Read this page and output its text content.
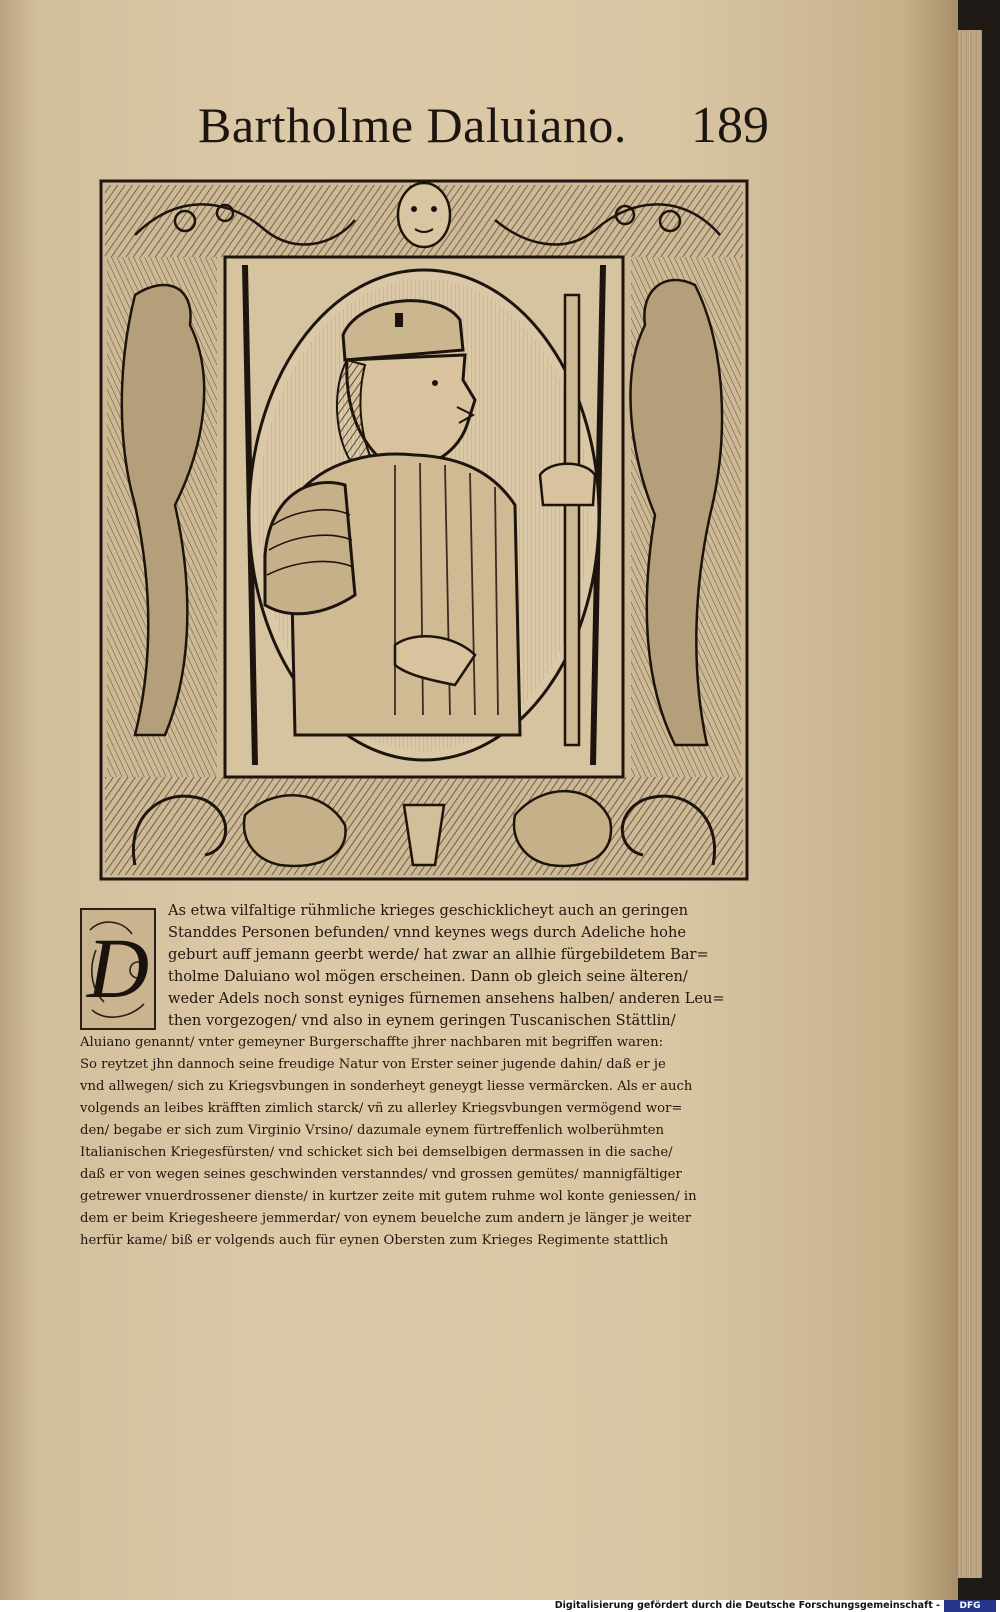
Bartholme Daluiano. 189
D
As etwa vilfaltige rühmliche krieges geschicklicheyt auch an geringen
Standdes Personen befunden/ vnnd keynes wegs durch Adeliche hohe
geburt auff jemann geerbt werde/ hat zwar an allhie fürgebildetem Bar=
tholme Daluiano wol mögen erscheinen. Dann ob gleich seine älteren/
weder Adels noch sonst eyniges fürnemen ansehens halben/ anderen Leu=
then vorgezogen/ vnd also in eynem geringen Tuscanischen Stättlin/
Aluiano genannt/ vnter gemeyner Burgerschaffte jhrer nachbaren mit begriffen waren:
So reytzet jhn dannoch seine freudige Natur von Erster seiner jugende dahin/ daß er je
vnd allwegen/ sich zu Kriegsvbungen in sonderheyt geneygt liesse vermärcken. Als er auch
volgends an leibes kräfften zimlich starck/ vñ zu allerley Kriegsvbungen vermögend wor=
den/ begabe er sich zum Virginio Vrsino/ dazumale eynem fürtreffenlich wolberühmten
Italianischen Kriegesfürsten/ vnd schicket sich bei demselbigen dermassen in die sache/
daß er von wegen seines geschwinden verstanndes/ vnd grossen gemütes/ mannigfältiger
getrewer vnuerdrossener dienste/ in kurtzer zeite mit gutem ruhme wol konte geniessen/ in
dem er beim Kriegesheere jemmerdar/ von eynem beuelche zum andern je länger je weiter
herfür kame/ biß er volgends auch für eynen Obersten zum Krieges Regimente stattlich
Digitalisierung gefördert durch die Deutsche Forschungsgemeinschaft -	DFG
